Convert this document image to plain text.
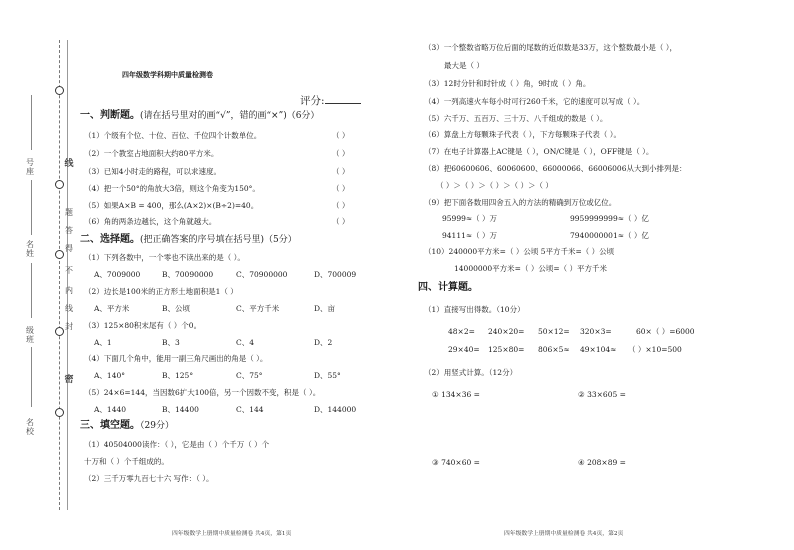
线
题
答
得
不
内
线
封
密
号座
名姓
级班
名校
四年级数学科期中质量检测卷
评分:
一、判断题。(请在括号里对的画“√”，错的画“×”)（6分）
（1）个级有个位、十位、百位、千位四个计数单位。	（ ）
（2）一个教室占地面积大约80平方米。	（ ）
（3）已知4小时走的路程，可以求速度。	（ ）
（4）把一个50°的角放大3倍，则这个角变为150°。	（ ）
（5）如果A×B = 400，那么(A×2)×(B÷2)=40。	（ ）
（6）角的两条边越长，这个角就越大。	（ ）
二、选择题。(把正确答案的序号填在括号里)（5分）
（1）下列各数中，一个零也不读出来的是（ ）。
A、7009000	B、70090000	C、70900000	D、700009
（2）边长是100米的正方形土地面积是1（ ）
A、平方米	B、公顷	C、平方千米	D、亩
（3）125×80积末尾有（ ）个0。
A、1	B、3	C、4	D、2
（4）下面几个角中，能用一副三角尺画出的角是（ ）。
A、140°	B、125°	C、75°	D、55°
（5）24×6=144，当因数6扩大100倍，另一个因数不变，积是（ ）。
A、1440	B、14400	C、144	D、144000
三、填空题。（29分）
（1）40504000读作：（ ），它是由（ ）个千万（ ）个
十万和（ ）个千组成的。
（2）三千万零九百七十六 写作：（ ）。
四年级数学上册期中质量检测卷 共4页，第1页
（3）一个整数省略万位后面的尾数的近似数是33万，这个整数最小是（ ），
最大是（ ）
（3）12时分针和时针成（ ）角，9时成（ ）角。
（4）一列高速火车每小时可行260千米，它的速度可以写成（ ）。
（5）六千万、五百万、三十万、八千组成的数是（ ）。
（6）算盘上方每颗珠子代表（ ），下方每颗珠子代表（ ）。
（7）在电子计算器上AC键是（ ），ON/C键是（ ），OFF键是（ ）。
（8）把60600606、60060600、66000066、66006006从大到小排列是：
（ ）＞（ ）＞（ ）＞（ ）＞（ ）
（9）把下面各数用四舍五入的方法的精确到万位或亿位。
95999≈（ ）万	9959999999≈（ ）亿
94111≈（ ）万	7940000001≈（ ）亿
（10）240000平方米=（ ）公顷 5平方千米=（ ）公顷
14000000平方米=（ ）公顷=（ ）平方千米
四、计算题。
（1）直接写出得数。（10分）
48×2= 240×20= 50×12= 320×3=	60×（ ）=6000
29×40= 125×80= 806×5≈ 49×104≈ （ ）×10=500
（2）用竖式计算。（12分）
① 134×36 =	② 33×605 =
③ 740×60 =	④ 208×89 =
四年级数学上册期中质量检测卷 共4页，第2页
